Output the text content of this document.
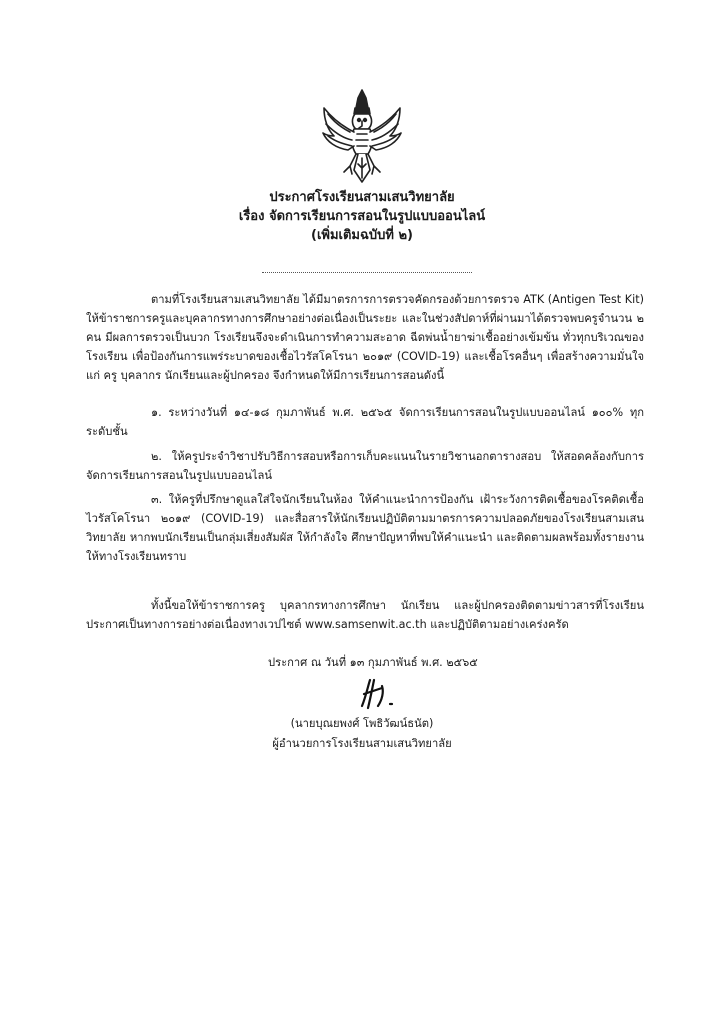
ประกาศโรงเรียนสามเสนวิทยาลัย
เรื่อง จัดการเรียนการสอนในรูปแบบออนไลน์
(เพิ่มเติมฉบับที่ ๒)

ตามที่โรงเรียนสามเสนวิทยาลัย ได้มีมาตรการการตรวจคัดกรองด้วยการตรวจ ATK (Antigen Test Kit) ให้ข้าราชการครูและบุคลากรทางการศึกษาอย่างต่อเนื่องเป็นระยะ และในช่วงสัปดาห์ที่ผ่านมาได้ตรวจพบครูจำนวน ๒ คน มีผลการตรวจเป็นบวก โรงเรียนจึงจะดำเนินการทำความสะอาด ฉีดพ่นน้ำยาฆ่าเชื้ออย่างเข้มข้น ทั่วทุกบริเวณของโรงเรียน เพื่อป้องกันการแพร่ระบาดของเชื้อไวรัสโคโรนา ๒๐๑๙ (COVID-19) และเชื้อโรคอื่นๆ เพื่อสร้างความมั่นใจแก่ ครู บุคลากร นักเรียนและผู้ปกครอง จึงกำหนดให้มีการเรียนการสอนดังนี้

๑. ระหว่างวันที่ ๑๔-๑๘ กุมภาพันธ์ พ.ศ. ๒๕๖๕ จัดการเรียนการสอนในรูปแบบออนไลน์ ๑๐๐% ทุกระดับชั้น

๒. ให้ครูประจำวิชาปรับวิธีการสอบหรือการเก็บคะแนนในรายวิชานอกตารางสอบ ให้สอดคล้องกับการจัดการเรียนการสอนในรูปแบบออนไลน์

๓. ให้ครูที่ปรึกษาดูแลใส่ใจนักเรียนในห้อง ให้คำแนะนำการป้องกัน เฝ้าระวังการติดเชื้อของโรคติดเชื้อไวรัสโคโรนา ๒๐๑๙ (COVID-19) และสื่อสารให้นักเรียนปฏิบัติตามมาตรการความปลอดภัยของโรงเรียนสามเสนวิทยาลัย หากพบนักเรียนเป็นกลุ่มเสี่ยงสัมผัส ให้กำลังใจ ศึกษาปัญหาที่พบให้คำแนะนำ และติดตามผลพร้อมทั้งรายงานให้ทางโรงเรียนทราบ

ทั้งนี้ขอให้ข้าราชการครู บุคลากรทางการศึกษา นักเรียน และผู้ปกครองติดตามข่าวสารที่โรงเรียนประกาศเป็นทางการอย่างต่อเนื่องทางเวปไซต์ www.samsenwit.ac.th และปฏิบัติตามอย่างเคร่งครัด

ประกาศ ณ วันที่ ๑๓ กุมภาพันธ์ พ.ศ. ๒๕๖๕
(นายบุณยพงศ์ โพธิวัฒน์ธนัต)
ผู้อำนวยการโรงเรียนสามเสนวิทยาลัย
